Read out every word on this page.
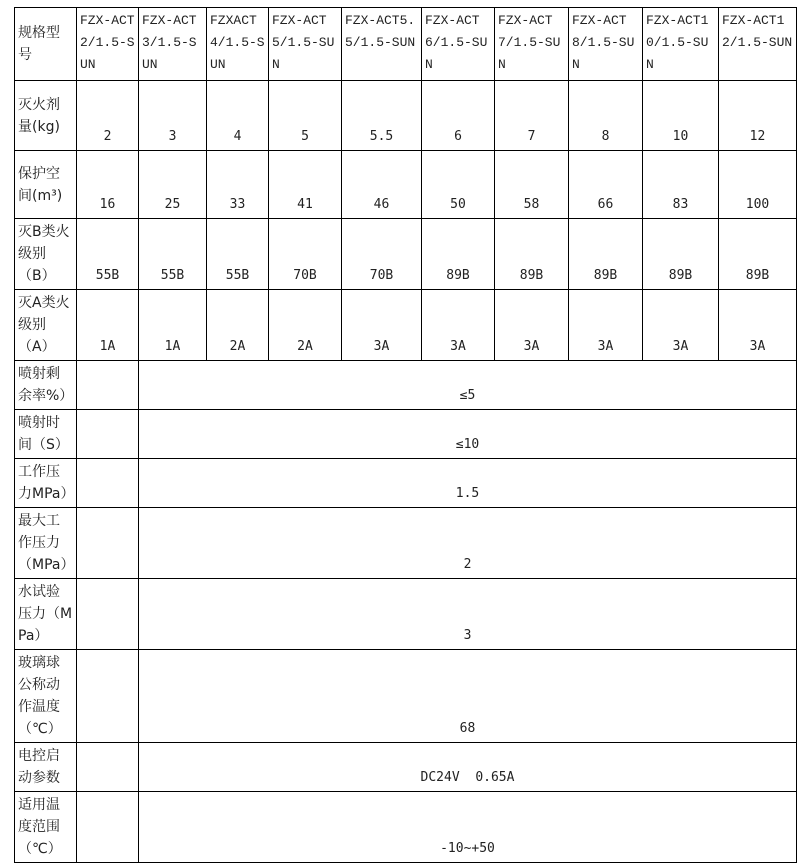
规格型号	FZX-ACT2/1.5-SUN	FZX-ACT3/1.5-SUN	FZXACT4/1.5-SUN	FZX-ACT5/1.5-SUN	FZX-ACT5.5/1.5-SUN	FZX-ACT6/1.5-SUN	FZX-ACT7/1.5-SUN	FZX-ACT8/1.5-SUN	FZX-ACT10/1.5-SUN	FZX-ACT12/1.5-SUN
灭火剂量(kg)	2	3	4	5	5.5	6	7	8	10	12
保护空间(m³)	16	25	33	41	46	50	58	66	83	100
灭B类火级别（B）	55B	55B	55B	70B	70B	89B	89B	89B	89B	89B
灭A类火级别（A）	1A	1A	2A	2A	3A	3A	3A	3A	3A	3A
喷射剩余率%）		≤5								
喷射时间（S）		≤10								
工作压力MPa）		1.5								
最大工作压力（MPa）		2								
水试验压力（MPa）		3								
玻璃球公称动作温度（℃）		68								
电控启动参数		DC24V  0.65A								
适用温度范围（℃）		-10~+50								
